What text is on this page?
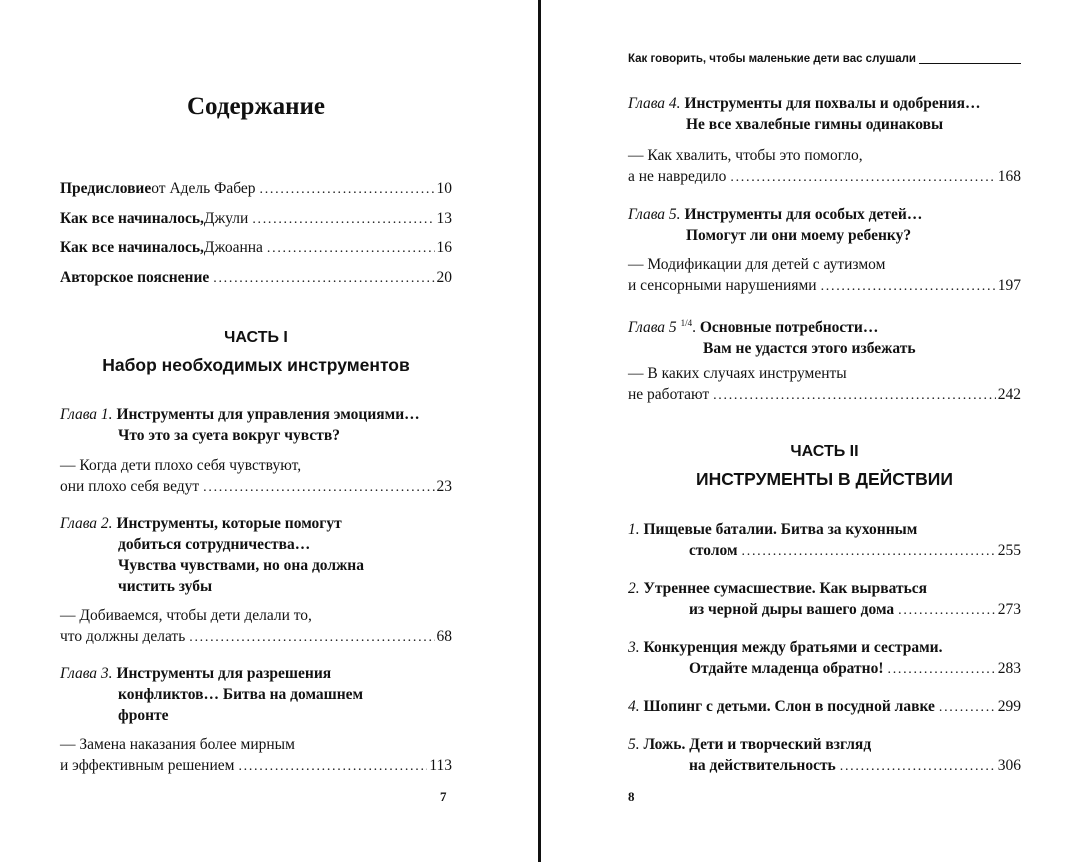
Содержание
Предисловие от Адель Фабер . . .	10
Как все начиналось, Джули . . .	13
Как все начиналось, Джоанна . . .	16
Авторское пояснение . . .	20
ЧАСТЬ I
Набор необходимых инструментов
Глава 1. Инструменты для управления эмоциями…
Что это за суета вокруг чувств?
— Когда дети плохо себя чувствуют,
они плохо себя ведут . . .	23
Глава 2. Инструменты, которые помогут
добиться сотрудничества…
Чувства чувствами, но она должна
чистить зубы
— Добиваемся, чтобы дети делали то,
что должны делать . . .	68
Глава 3. Инструменты для разрешения
конфликтов… Битва на домашнем
фронте
— Замена наказания более мирным
и эффективным решением . . .	113
7
Как говорить, чтобы маленькие дети вас слушали
Глава 4. Инструменты для похвалы и одобрения…
Не все хвалебные гимны одинаковы
— Как хвалить, чтобы это помогло,
а не навредило . . .	168
Глава 5. Инструменты для особых детей…
Помогут ли они моему ребенку?
— Модификации для детей с аутизмом
и сенсорными нарушениями . . .	197
Глава 5 $^{1/4}$. Основные потребности…
Вам не удастся этого избежать
— В каких случаях инструменты
не работают . . .	242
ЧАСТЬ II
ИНСТРУМЕНТЫ В ДЕЙСТВИИ
1. Пищевые баталии. Битва за кухонным
столом . . .	255
2. Утреннее сумасшествие. Как вырваться
из черной дыры вашего дома . . .	273
3. Конкуренция между братьями и сестрами.
Отдайте младенца обратно! . . .	283
4.
Шопинг с детьми. Слон в посудной лавке . . .	299
5. Ложь. Дети и творческий взгляд
на действительность . . .	306
8
